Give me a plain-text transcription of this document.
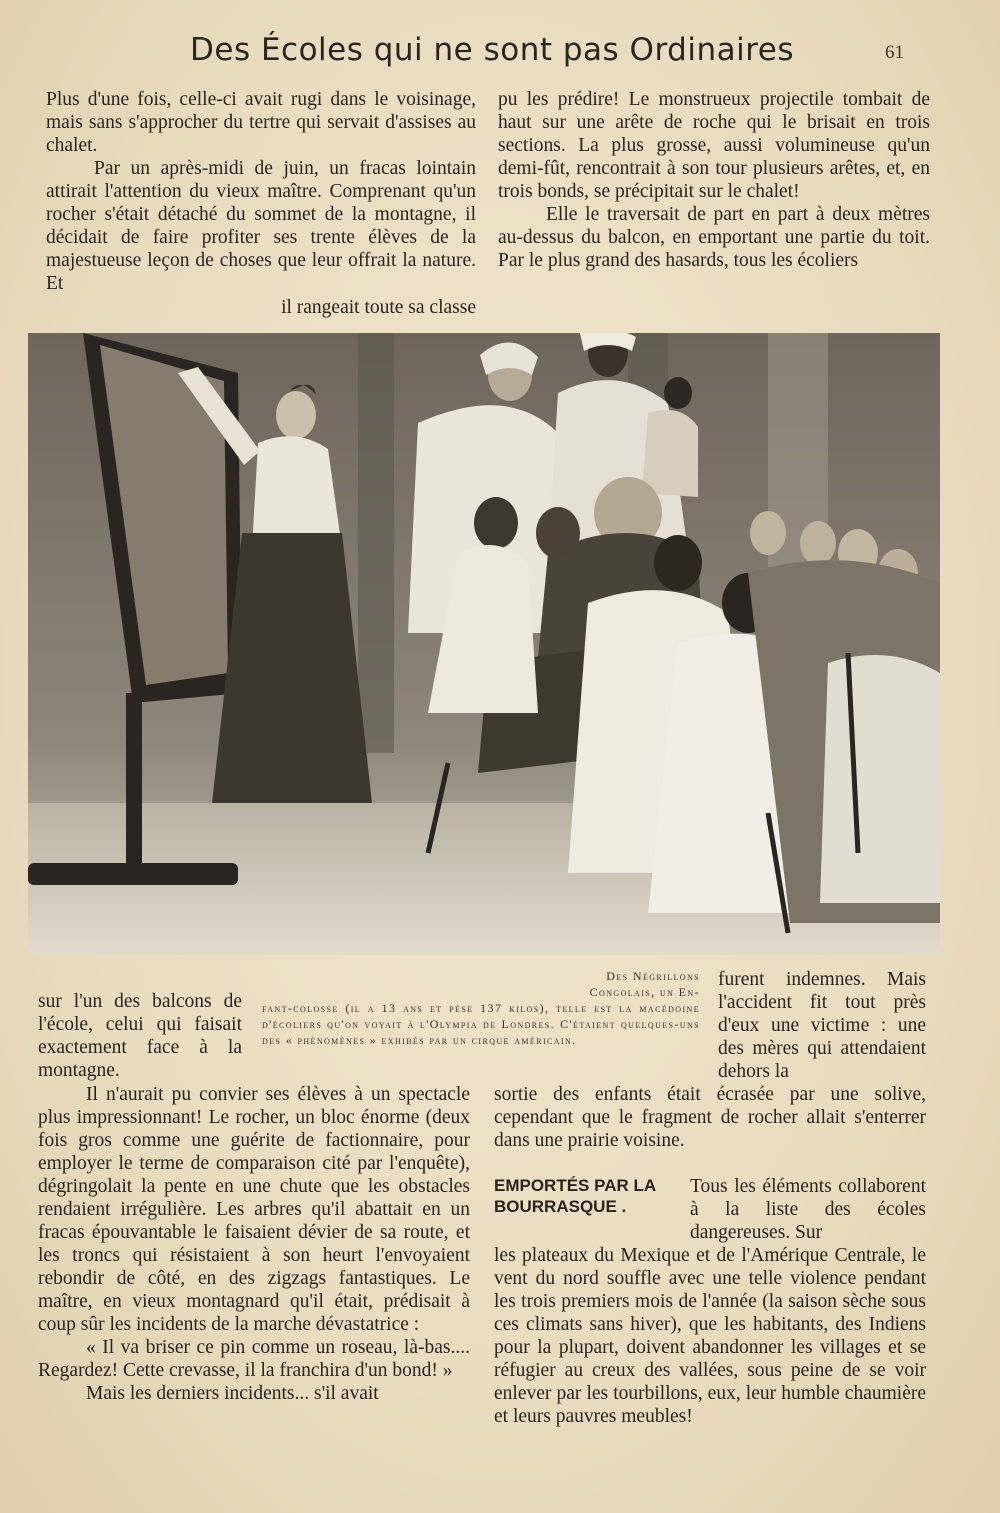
Des Écoles qui ne sont pas Ordinaires	61

Plus d'une fois, celle-ci avait rugi dans le voisinage, mais sans s'approcher du tertre qui servait d'assises au chalet.

Par un après-midi de juin, un fracas lointain attirait l'attention du vieux maître. Comprenant qu'un rocher s'était détaché du sommet de la montagne, il décidait de faire profiter ses trente élèves de la majestueuse leçon de choses que leur offrait la nature. Et

il rangeait toute sa classe

pu les prédire! Le monstrueux projectile tombait de haut sur une arête de roche qui le brisait en trois sections. La plus grosse, aussi volumineuse qu'un demi-fût, rencontrait à son tour plusieurs arêtes, et, en trois bonds, se précipitait sur le chalet!

Elle le traversait de part en part à deux mètres au-dessus du balcon, en emportant une partie du toit. Par le plus grand des hasards, tous les écoliers

sur l'un des balcons de l'école, celui qui faisait exactement face à la montagne.

Des Négrillons
Congolais, un En-
fant-colosse (il a 13 ans et pèse 137 kilos), telle est la macédoine d'écoliers qu'on voyait à l'Olympia de Londres. C'étaient quelques-uns des « phénomènes » exhibés par un cirque américain.

furent indemnes. Mais l'accident fit tout près d'eux une victime : une des mères qui attendaient dehors la

Il n'aurait pu convier ses élèves à un spectacle plus impressionnant! Le rocher, un bloc énorme (deux fois gros comme une guérite de factionnaire, pour employer le terme de comparaison cité par l'enquête), dégringolait la pente en une chute que les obstacles rendaient irrégulière. Les arbres qu'il abattait en un fracas épouvantable le faisaient dévier de sa route, et les troncs qui résistaient à son heurt l'envoyaient rebondir de côté, en des zigzags fantastiques. Le maître, en vieux montagnard qu'il était, prédisait à coup sûr les incidents de la marche dévastatrice :

« Il va briser ce pin comme un roseau, là-bas.... Regardez! Cette crevasse, il la franchira d'un bond! »

Mais les derniers incidents... s'il avait

sortie des enfants était écrasée par une solive, cependant que le fragment de rocher allait s'enterrer dans une prairie voisine.

EMPORTÉS PAR LA BOURRASQUE .

Tous les éléments collaborent à la liste des écoles dangereuses. Sur

les plateaux du Mexique et de l'Amérique Centrale, le vent du nord souffle avec une telle violence pendant les trois premiers mois de l'année (la saison sèche sous ces climats sans hiver), que les habitants, des Indiens pour la plupart, doivent abandonner les villages et se réfugier au creux des vallées, sous peine de se voir enlever par les tourbillons, eux, leur humble chaumière et leurs pauvres meubles!
